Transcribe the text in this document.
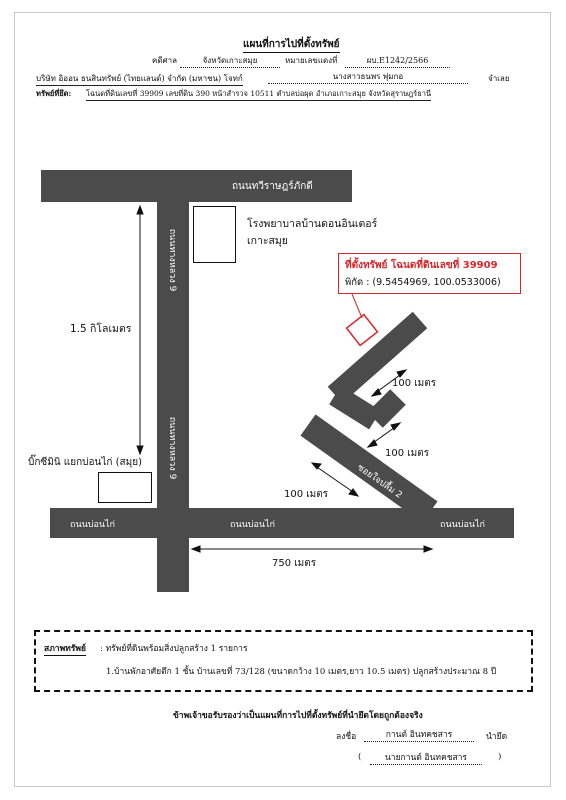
แผนที่การไปที่ตั้งทรัพย์
คดีศาล	จังหวัดเกาะสมุย	หมายเลขแดงที่	ผบ.E1242/2566
บริษัท อิออน ธนสินทรัพย์ (ไทยแลนด์) จำกัด (มหาชน) โจทก์	นางสาวธนพร พุ่มกอ	จำเลย
ทรัพย์ที่ยึด: โฉนดที่ดินเลขที่ 39909 เลขที่ดิน 390 หน้าสำรวจ 10511 ตำบลบ่อผุด อำเภอเกาะสมุย จังหวัดสุราษฎร์ธานี
ถนนทวีราษฎร์ภักดี
ถนนทางหลวง 9
ถนนทางหลวง 9
ถนนบ่อนไก่	ถนนบ่อนไก่	ถนนบ่อนไก่
ซอยใจปลื้ม 2
โรงพยาบาลบ้านดอนอินเตอร์
เกาะสมุย
บิ๊กซีมินิ แยกบ่อนไก่ (สมุย)
1.5 กิโลเมตร
750 เมตร
100 เมตร
100 เมตร
100 เมตร
ที่ตั้งทรัพย์ โฉนดที่ดินเลขที่ 39909
พิกัด : (9.5454969, 100.0533006)
สภาพทรัพย์ : ทรัพย์ที่ดินพร้อมสิ่งปลูกสร้าง 1 รายการ
1.บ้านพักอาศัยตึก 1 ชั้น บ้านเลขที่ 73/128 (ขนาดกว้าง 10 เมตร,ยาว 10.5 เมตร) ปลูกสร้างประมาณ 8 ปี
ข้าพเจ้าขอรับรองว่าเป็นแผนที่การไปที่ตั้งทรัพย์ที่นำยึดโดยถูกต้องจริง
ลงชื่อ	กานต์ อินทคชสาร	นำยึด
(	นายกานต์ อินทคชสาร	)
